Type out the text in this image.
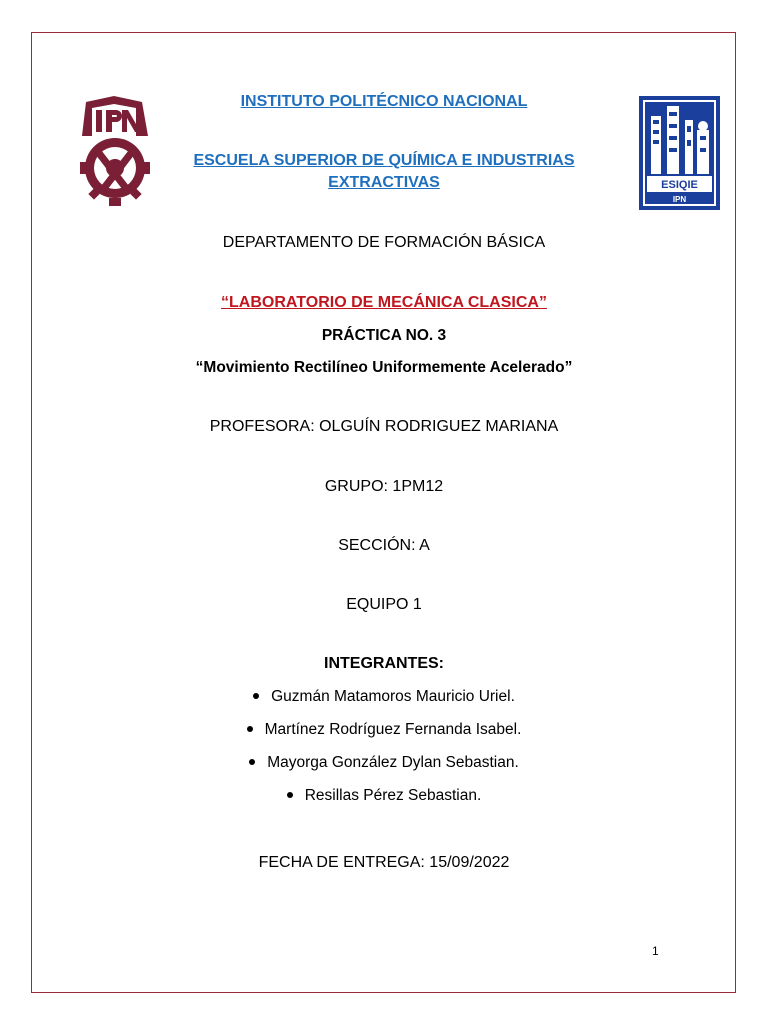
IPN
ESIQIE
IPN
INSTITUTO POLITÉCNICO NACIONAL
ESCUELA SUPERIOR DE QUÍMICA E INDUSTRIAS
EXTRACTIVAS
DEPARTAMENTO DE FORMACIÓN BÁSICA
“LABORATORIO DE MECÁNICA CLASICA”
PRÁCTICA NO. 3
“Movimiento Rectilíneo Uniformemente Acelerado”
PROFESORA: OLGUÍN RODRIGUEZ MARIANA
GRUPO: 1PM12
SECCIÓN: A
EQUIPO 1
INTEGRANTES:
Guzmán Matamoros Mauricio Uriel.
Martínez Rodríguez Fernanda Isabel.
Mayorga González Dylan Sebastian.
Resillas Pérez Sebastian.
FECHA DE ENTREGA: 15/09/2022
1
